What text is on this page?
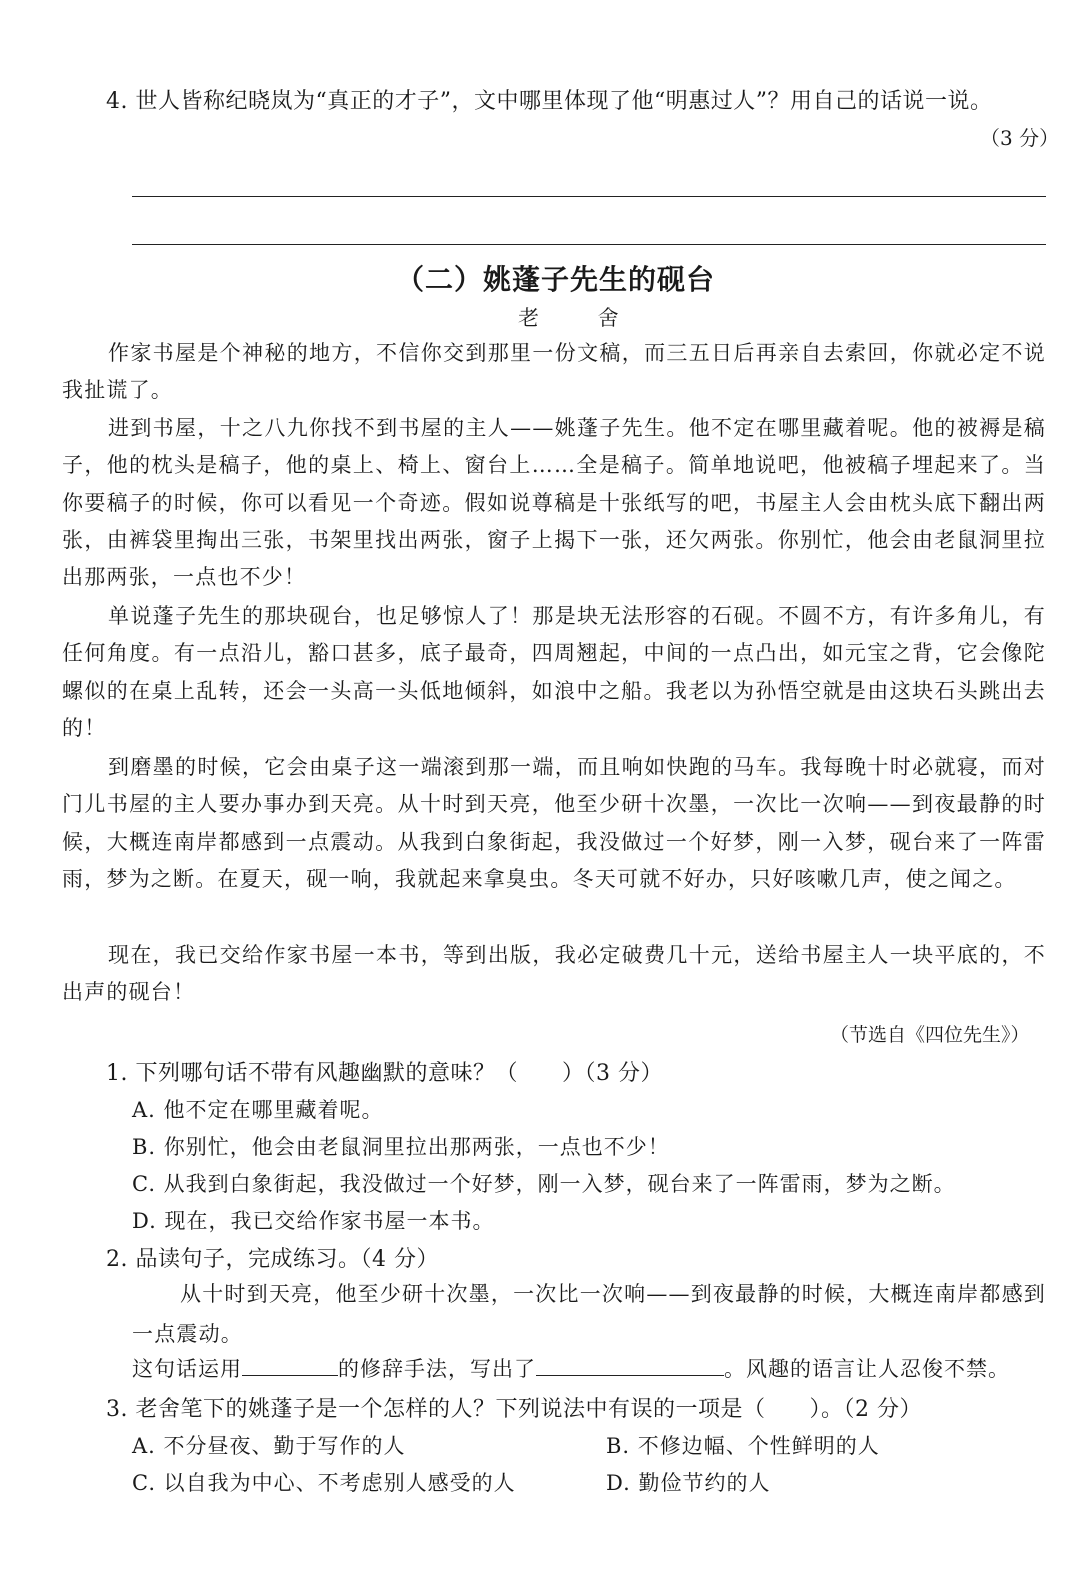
4. 世人皆称纪晓岚为“真正的才子”，文中哪里体现了他“明惠过人”？用自己的话说一说。
（3 分）
（二）姚蓬子先生的砚台
老 舍

作家书屋是个神秘的地方，不信你交到那里一份文稿，而三五日后再亲自去索回，你就必定不说我扯谎了。

进到书屋，十之八九你找不到书屋的主人——姚蓬子先生。他不定在哪里藏着呢。他的被褥是稿子，他的枕头是稿子，他的桌上、椅上、窗台上……全是稿子。简单地说吧，他被稿子埋起来了。当你要稿子的时候，你可以看见一个奇迹。假如说尊稿是十张纸写的吧，书屋主人会由枕头底下翻出两张，由裤袋里掏出三张，书架里找出两张，窗子上揭下一张，还欠两张。你别忙，他会由老鼠洞里拉出那两张，一点也不少！

单说蓬子先生的那块砚台，也足够惊人了！那是块无法形容的石砚。不圆不方，有许多角儿，有任何角度。有一点沿儿，豁口甚多，底子最奇，四周翘起，中间的一点凸出，如元宝之背，它会像陀螺似的在桌上乱转，还会一头高一头低地倾斜，如浪中之船。我老以为孙悟空就是由这块石头跳出去的！

到磨墨的时候，它会由桌子这一端滚到那一端，而且响如快跑的马车。我每晚十时必就寝，而对门儿书屋的主人要办事办到天亮。从十时到天亮，他至少研十次墨，一次比一次响——到夜最静的时候，大概连南岸都感到一点震动。从我到白象街起，我没做过一个好梦，刚一入梦，砚台来了一阵雷雨，梦为之断。在夏天，砚一响，我就起来拿臭虫。冬天可就不好办，只好咳嗽几声，使之闻之。

现在，我已交给作家书屋一本书，等到出版，我必定破费几十元，送给书屋主人一块平底的，不出声的砚台！

（节选自《四位先生》）
1. 下列哪句话不带有风趣幽默的意味？（ ）（3 分）
A. 他不定在哪里藏着呢。
B. 你别忙，他会由老鼠洞里拉出那两张，一点也不少！
C. 从我到白象街起，我没做过一个好梦，刚一入梦，砚台来了一阵雷雨，梦为之断。
D. 现在，我已交给作家书屋一本书。
2. 品读句子，完成练习。（4 分）

从十时到天亮，他至少研十次墨，一次比一次响——到夜最静的时候，大概连南岸都感到一点震动。

这句话运用	的修辞手法，写出了	。风趣的语言让人忍俊不禁。
3. 老舍笔下的姚蓬子是一个怎样的人？下列说法中有误的一项是（ ）。（2 分）
A. 不分昼夜、勤于写作的人	B. 不修边幅、个性鲜明的人
C. 以自我为中心、不考虑别人感受的人	D. 勤俭节约的人
